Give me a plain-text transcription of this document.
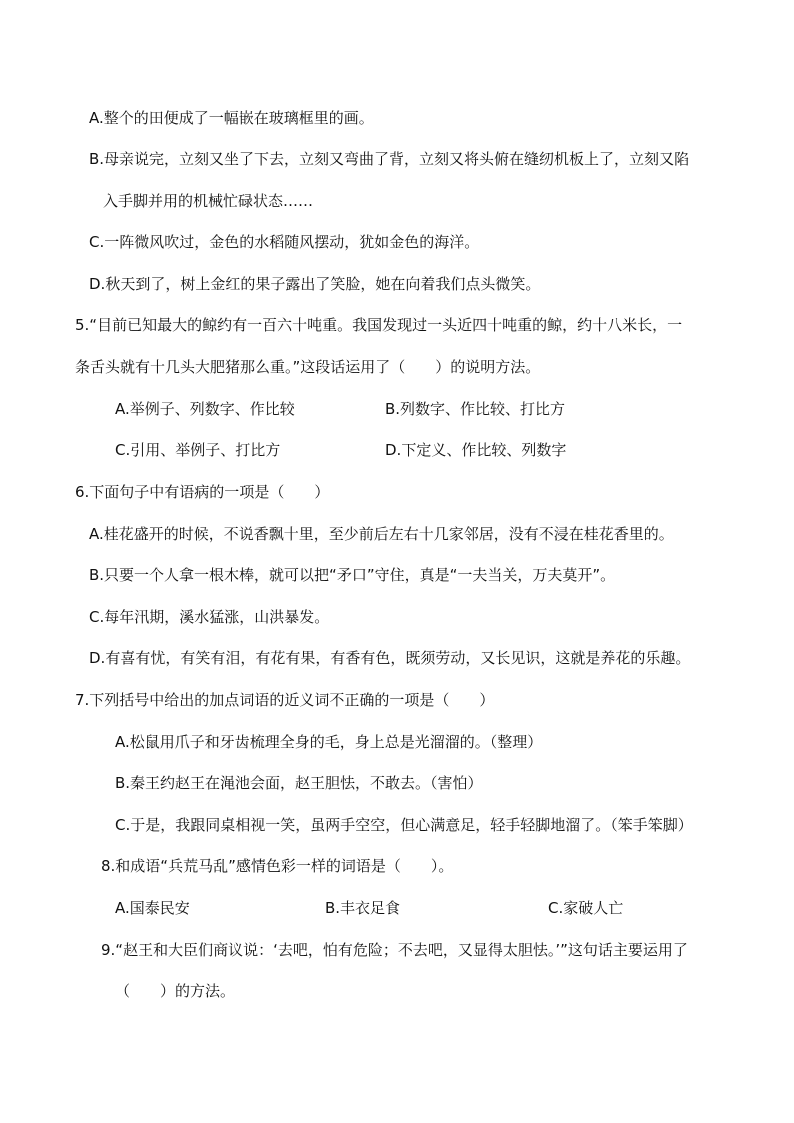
A.整个的田便成了一幅嵌在玻璃框里的画。
B.母亲说完，立刻又坐了下去，立刻又弯曲了背，立刻又将头俯在缝纫机板上了，立刻又陷
入手脚并用的机械忙碌状态……
C.一阵微风吹过，金色的水稻随风摆动，犹如金色的海洋。
D.秋天到了，树上金红的果子露出了笑脸，她在向着我们点头微笑。
5.“目前已知最大的鲸约有一百六十吨重。我国发现过一头近四十吨重的鲸，约十八米长，一
条舌头就有十几头大肥猪那么重。”这段话运用了（　　）的说明方法。
A.举例子、列数字、作比较	B.列数字、作比较、打比方
C.引用、举例子、打比方	D.下定义、作比较、列数字
6.下面句子中有语病的一项是（　　）
A.桂花盛开的时候，不说香飘十里，至少前后左右十几家邻居，没有不浸在桂花香里的。
B.只要一个人拿一根木棒，就可以把“矛口”守住，真是“一夫当关，万夫莫开”。
C.每年汛期，溪水猛涨，山洪暴发。
D.有喜有忧，有笑有泪，有花有果，有香有色，既须劳动，又长见识，这就是养花的乐趣。
7.下列括号中给出的加点词语的近义词不正确的一项是（　　）
A.松鼠用爪子和牙齿梳理全身的毛，身上总是光溜溜的。（整理）
B.秦王约赵王在渑池会面，赵王胆怯，不敢去。（害怕）
C.于是，我跟同桌相视一笑，虽两手空空，但心满意足，轻手轻脚地溜了。（笨手笨脚）
8.和成语“兵荒马乱”感情色彩一样的词语是（　　）。
A.国泰民安	B.丰衣足食	C.家破人亡
9.“赵王和大臣们商议说：‘去吧，怕有危险；不去吧，又显得太胆怯。’”这句话主要运用了
（　　）的方法。
